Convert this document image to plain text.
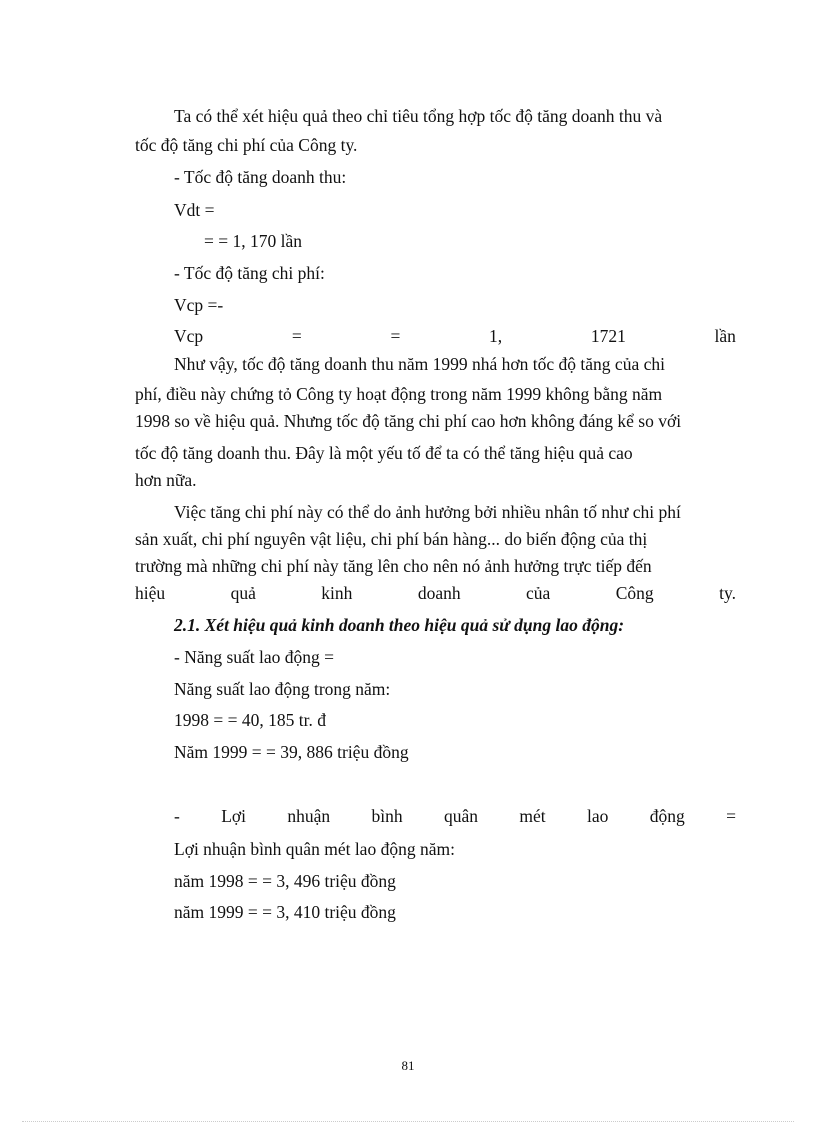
Ta có thể xét hiệu quả theo chỉ tiêu tổng hợp tốc độ tăng doanh thu và
tốc độ tăng chi phí của Công ty.
- Tốc độ tăng doanh thu:
Vdt =
= = 1, 170 lần
- Tốc độ tăng chi phí:
Vcp =-
Vcp	=	=	1,	1721	lần
Như vậy, tốc độ tăng doanh thu năm 1999 nhá hơn tốc độ tăng của chi
phí, điều này chứng tỏ Công ty hoạt động trong năm 1999 không bằng năm
1998 so về hiệu quả. Nhưng tốc độ tăng chi phí cao hơn không đáng kể so với
tốc độ tăng doanh thu. Đây là một yếu tố để ta có thể tăng hiệu quả cao
hơn nữa.
Việc tăng chi phí này có thể do ảnh hưởng bởi nhiều nhân tố như chi phí
sản xuất, chi phí nguyên vật liệu, chi phí bán hàng... do biến động của thị
trường mà những chi phí này tăng lên cho nên nó ảnh hưởng trực tiếp đến
hiệu	quả	kinh	doanh	của	Công	ty.
2.1. Xét hiệu quả kinh doanh theo hiệu quả sử dụng lao động:
- Năng suất lao động =
Năng suất lao động trong năm:
1998 = = 40, 185 tr. đ
Năm 1999 = = 39, 886 triệu đồng
- Lợi nhuận bình quân mét lao động =
Lợi nhuận bình quân mét lao động năm:
năm 1998 = = 3, 496 triệu đồng
năm 1999 = = 3, 410 triệu đồng
81
